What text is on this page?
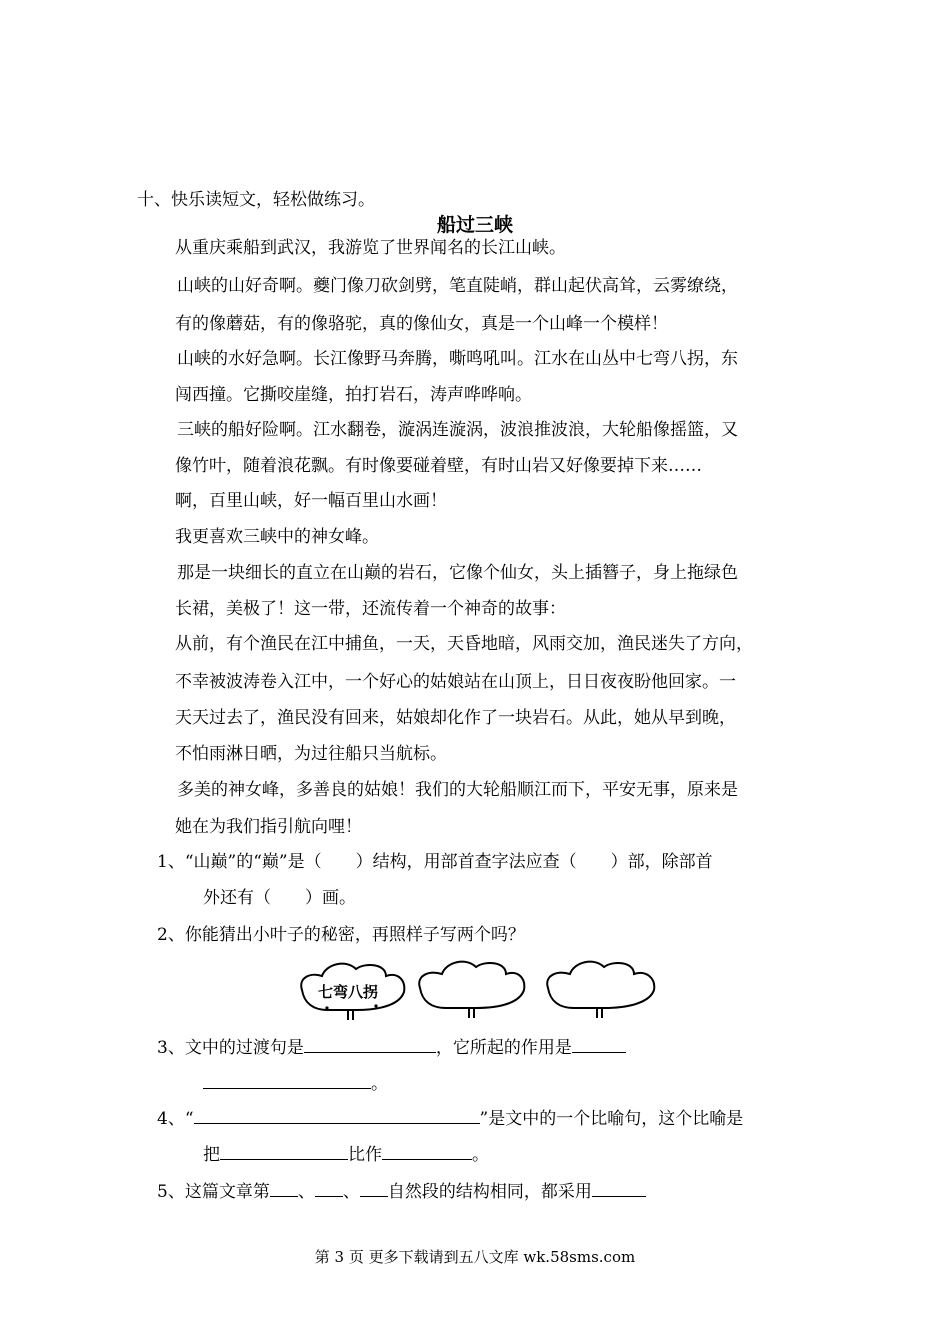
十、快乐读短文，轻松做练习。
船过三峡
从重庆乘船到武汉，我游览了世界闻名的长江山峡。
山峡的山好奇啊。夔门像刀砍剑劈，笔直陡峭，群山起伏高耸，云雾缭绕，
有的像蘑菇，有的像骆驼，真的像仙女，真是一个山峰一个模样！
山峡的水好急啊。长江像野马奔腾，嘶鸣吼叫。江水在山丛中七弯八拐，东
闯西撞。它撕咬崖缝，拍打岩石，涛声哗哗响。
三峡的船好险啊。江水翻卷，漩涡连漩涡，波浪推波浪，大轮船像摇篮，又
像竹叶，随着浪花飘。有时像要碰着壁，有时山岩又好像要掉下来……
啊，百里山峡，好一幅百里山水画！
我更喜欢三峡中的神女峰。
那是一块细长的直立在山巅的岩石，它像个仙女，头上插簪子，身上拖绿色
长裙，美极了！这一带，还流传着一个神奇的故事：
从前，有个渔民在江中捕鱼，一天，天昏地暗，风雨交加，渔民迷失了方向，
不幸被波涛卷入江中，一个好心的姑娘站在山顶上，日日夜夜盼他回家。一
天天过去了，渔民没有回来，姑娘却化作了一块岩石。从此，她从早到晚，
不怕雨淋日晒，为过往船只当航标。
多美的神女峰，多善良的姑娘！我们的大轮船顺江而下，平安无事，原来是
她在为我们指引航向哩！
1、“山巅”的“巅”是（　　）结构，用部首查字法应查（　　）部，除部首
外还有（　　）画。
2、你能猜出小叶子的秘密，再照样子写两个吗？
七弯八拐
3、文中的过渡句是	，它所起的作用是
。
4、“	”是文中的一个比喻句，这个比喻是
把	比作	。
5、这篇文章第 、 、 自然段的结构相同，都采用
第 3 页 更多下载请到五八文库 wk.58sms.com
